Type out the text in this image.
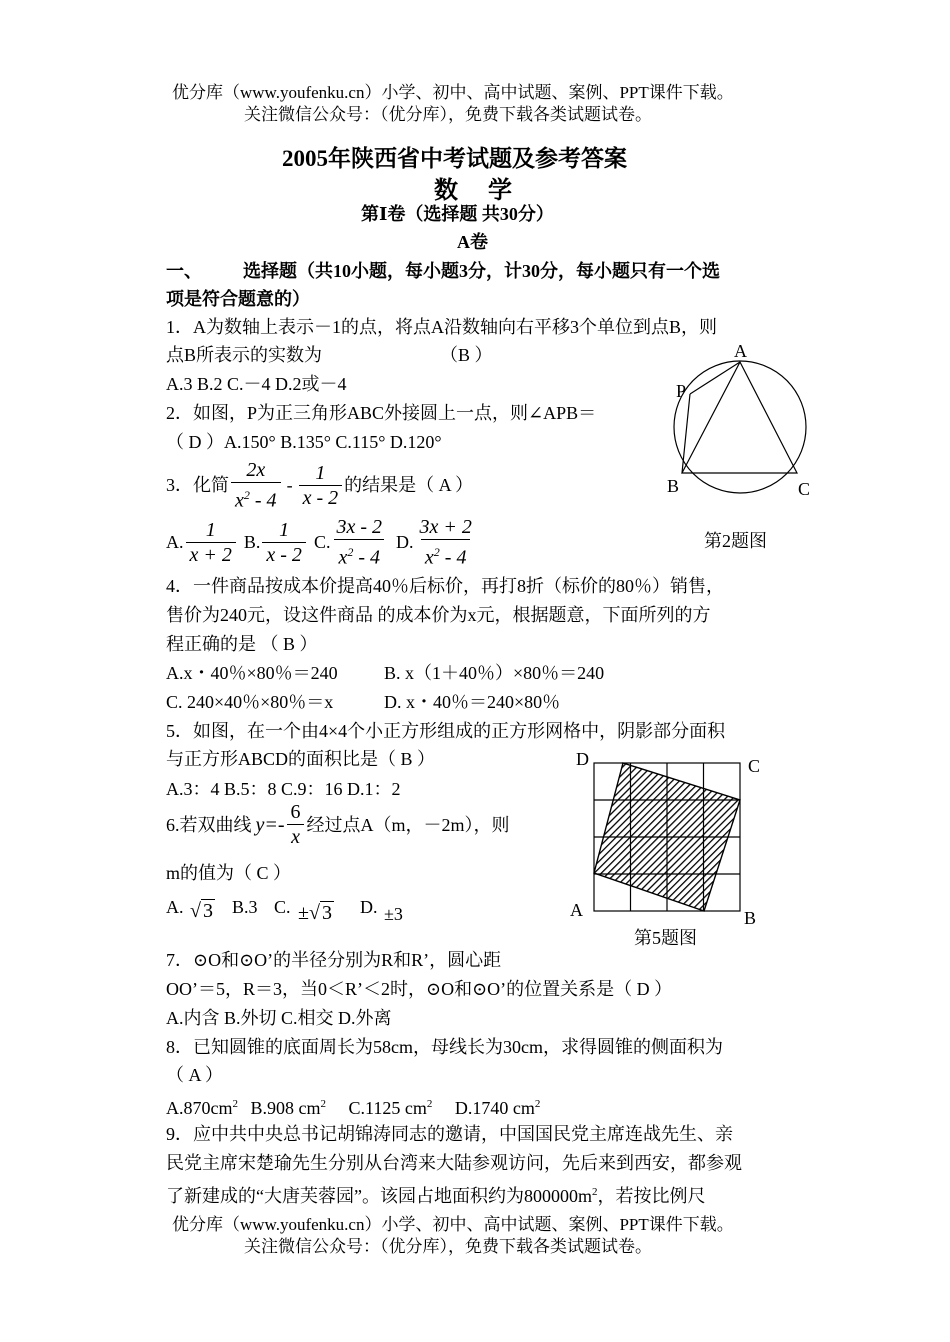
优分库（www.youfenku.cn）小学、初中、高中试题、案例、PPT课件下载。
关注微信公众号：（优分库），免费下载各类试题试卷。
2005年陕西省中考试题及参考答案
数学
第Ⅰ卷（选择题 共30分）
A卷
一、 选择题（共10小题，每小题3分，计30分，每小题只有一个选
项是符合题意的）
1．A为数轴上表示－1的点，将点A沿数轴向右平移3个单位到点B，则
点B所表示的实数为	（B ）
A.3 B.2 C.－4 D.2或－4
2．如图，P为正三角形ABC外接圆上一点，则∠APB＝
（ D ）A.150° B.135° C.115° D.120°
A
P
B	C
第2题图
3．化简 $\frac{2x}{x^2 - 4} - \frac{1}{x - 2}$ 的结果是（ A ）
A. $\frac{1}{x + 2} B$. $\frac{1}{x - 2} C$. $\frac{3x - 2}{x^2 - 4} D$. $\frac{3x + 2}{x^2 - 4}$
4．一件商品按成本价提高40％后标价，再打8折（标价的80％）销售，
售价为240元，设这件商品 的成本价为x元，根据题意，下面所列的方
程正确的是 （ B ）
A.x・40％×80％＝240	B. x（1＋40％）×80％＝240
C. 240×40％×80％＝x	D. x・40％＝240×80％
5．如图，在一个由4×4个小正方形组成的正方形网格中，阴影部分面积
与正方形ABCD的面积比是（ B ）
A.3：4 B.5：8 C.9：16 D.1：2
D	C
A	B
第5题图
6.若双曲线 $y =- \frac{6}{x}$ 经过点A（m，－2m），则
m的值为（ C ）
A. √ 3 B.3 C. ±√ 3 D. ±3
7．⊙O和⊙O’的半径分别为R和R’，圆心距
OO’＝5，R＝3，当0＜R’＜2时，⊙O和⊙O’的位置关系是（ D ）
A.内含 B.外切 C.相交 D.外离
8．已知圆锥的底面周长为58cm，母线长为30cm，求得圆锥的侧面积为
（ A ）
$A.870cm^2$ B.908 $cm^2$ C.1125 $cm^2$ D.1740 $cm^2$
9．应中共中央总书记胡锦涛同志的邀请，中国国民党主席连战先生、亲
民党主席宋楚瑜先生分别从台湾来大陆参观访问，先后来到西安，都参观
了新建成的“大唐芙蓉园”。该园占地面积约为$800000m^2$，若按比例尺
优分库（www.youfenku.cn）小学、初中、高中试题、案例、PPT课件下载。
关注微信公众号：（优分库），免费下载各类试题试卷。
